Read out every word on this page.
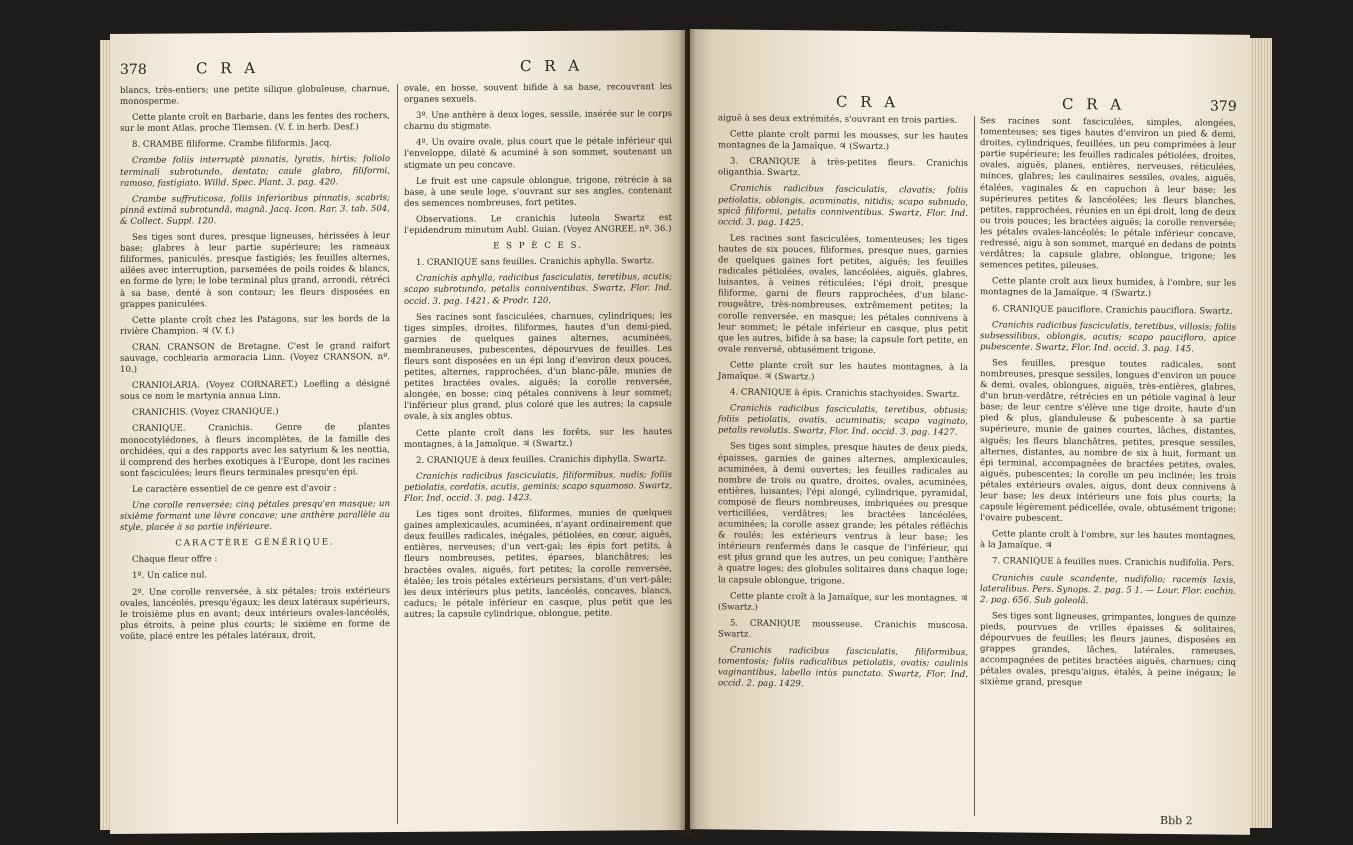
378	C R A	C R A

blancs, très-entiers; une petite silique globuleuse, charnue, monosperme.

Cette plante croît en Barbarie, dans les fentes des rochers, sur le mont Atlas, proche Tlemsen. (V. f. in herb. Desf.)

8. CRAMBE filiforme. Crambe filiformis. Jacq.

Crambe foliis interruptè pinnatis, lyratis, hirtis; foliolo terminali subrotundo, dentato; caule glabro, filiformi, ramoso, fastigiato. Willd. Spec. Plant. 3. pag. 420.

Crambe suffruticosa, foliis inferioribus pinnatis, scabris; pinnâ extimâ subrotundâ, magnâ. Jacq. Icon. Rar. 3. tab. 504, & Collect. Suppl. 120.

Ses tiges sont dures, presque ligneuses, hérissées à leur base; glabres à leur partie supérieure; les rameaux filiformes, paniculés, presque fastigiés; les feuilles alternes, ailées avec interruption, parsemées de poils roides & blancs, en forme de lyre; le lobe terminal plus grand, arrondi, rétréci à sa base, denté à son contour; les fleurs disposées en grappes paniculées.

Cette plante croît chez les Patagons, sur les bords de la rivière Champion. ♃ (V. f.)

CRAN. CRANSON de Bretagne. C'est le grand raifort sauvage, cochlearia armoracia Linn. (Voyez CRANSON, nº. 10.)

CRANIOLARIA. (Voyez CORNARET.) Loefling a désigné sous ce nom le martynia annua Linn.

CRANICHIS. (Voyez CRANIQUE.)

CRANIQUE. Cranichis. Genre de plantes monocotylédones, à fleurs incomplètes, de la famille des orchidées, qui a des rapports avec les satyrium & les neottia, il comprend des herbes exotiques à l'Europe, dont les racines sont fasciculées; leurs fleurs terminales presqu'en épi.

Le caractère essentiel de ce genre est d'avoir :

Une corolle renversée; cinq pétales presqu'en masque; un sixième formant une lèvre concave; une anthère parallèle au style, placée à sa partie inférieure.

CARACTÈRE GÉNÉRIQUE.

Chaque fleur offre :

1º. Un calice nul.

2º. Une corolle renversée, à six pétales; trois extérieurs ovales, lancéolés, presqu'égaux; les deux latéraux supérieurs, le troisième plus en avant; deux intérieurs ovales-lancéolés, plus étroits, à peine plus courts; le sixième en forme de voûte, placé entre les pétales latéraux, droit,

ovale, en bosse, souvent bifide à sa base, recouvrant les organes sexuels.

3º. Une anthère à deux loges, sessile, insérée sur le corps charnu du stigmate.

4º. Un ovaire ovale, plus court que le pétale inférieur qui l'enveloppe, dilaté & acuminé à son sommet, soutenant un stigmate un peu concave.

Le fruit est une capsule oblongue, trigone, rétrécie à sa base, à une seule loge, s'ouvrant sur ses angles, contenant des semences nombreuses, fort petites.

Observations. Le cranichis luteola Swartz est l'epidendrum minutum Aubl. Guian. (Voyez ANGREE, nº. 36.)

E S P È C E S.

1. CRANIQUE sans feuilles. Cranichis aphylla. Swartz.

Cranichis aphylla, radicibus fasciculatis, teretibus, acutis; scapo subrotundo, petalis conniventibus. Swartz, Flor. Ind. occid. 3. pag. 1421, & Prodr. 120.

Ses racines sont fasciculées, charnues, cylindriques; les tiges simples, droites, filiformes, hautes d'un demi-pied, garnies de quelques gaines alternes, acuminées, membraneuses, pubescentes, dépourvues de feuilles. Les fleurs sont disposées en un épi long d'environ deux pouces, petites, alternes, rapprochées, d'un blanc-pâle, munies de petites bractées ovales, aiguës; la corolle renversée, alongée, en bosse; cinq pétales connivens à leur sommet; l'inférieur plus grand, plus coloré que les autres; la capsule ovale, à six angles obtus.

Cette plante croît dans les forêts, sur les hautes montagnes, à la Jamaïque. ♃ (Swartz.)

2. CRANIQUE à deux feuilles. Cranichis diphylla. Swartz.

Cranichis radicibus fasciculatis, filiformibus, nudis; foliis petiolatis, cordatis, acutis, geminis; scapo squamoso. Swartz, Flor. Ind. occid. 3. pag. 1423.

Les tiges sont droites, filiformes, munies de quelques gaines amplexicaules, acuminées, n'ayant ordinairement que deux feuilles radicales, inégales, pétiolées, en cœur, aiguës, entières, nerveuses; d'un vert-gai; les épis fort petits, à fleurs nombreuses, petites, éparses, blanchâtres; les bractées ovales, aiguës, fort petites; la corolle renversée, étalée; les trois pétales extérieurs persistans, d'un vert-pâle; les deux intérieurs plus petits, lancéolés, concaves, blancs, caducs; le pétale inférieur en casque, plus petit que les autres; la capsule cylindrique, oblongue, petite.

C R A	C R A	379

aiguë à ses deux extrémités, s'ouvrant en trois parties.

Cette plante croît parmi les mousses, sur les hautes montagnes de la Jamaïque. ♃ (Swartz.)

3. CRANIQUE à très-petites fleurs. Cranichis oliganthia. Swartz.

Cranichis radicibus fasciculatis, clavatis; foliis petiolatis, oblongis, acuminatis, nitidis; scapo subnudo, spicâ filiformi, petalis conniventibus. Swartz, Flor. Ind. occid. 3. pag. 1425.

Les racines sont fasciculées, tomenteuses; les tiges hautes de six pouces, filiformes, presque nues, garnies de quelques gaines fort petites, aiguës; les feuilles radicales pétiolées, ovales, lancéolées, aiguës, glabres, luisantes, à veines réticulées; l'épi droit, presque filiforme, garni de fleurs rapprochées, d'un blanc-rougeâtre, très-nombreuses, extrêmement petites; la corolle renversée, en masque; les pétales connivens à leur sommet; le pétale inférieur en casque, plus petit que les autres, bifide à sa base; la capsule fort petite, en ovale renversé, obtusément trigone.

Cette plante croît sur les hautes montagnes, à la Jamaïque. ♃ (Swartz.)

4. CRANIQUE à épis. Cranichis stachyoides. Swartz.

Cranichis radicibus fasciculatis, teretibus, obtusis; foliis petiolatis, ovatis, acuminatis; scapo vaginato, petalis revolutis. Swartz, Flor. Ind. occid. 3. pag. 1427.

Ses tiges sont simples, presque hautes de deux pieds, épaisses, garnies de gaines alternes, amplexicaules, acuminées, à demi ouvertes; les feuilles radicales au nombre de trois ou quatre, droites, ovales, acuminées, entières, luisantes; l'épi alongé, cylindrique, pyramidal, composé de fleurs nombreuses, imbriquées ou presque verticillées, verdâtres; les bractées lancéolées, acuminées; la corolle assez grande; les pétales réfléchis & roulés; les extérieurs ventrus à leur base; les intérieurs renfermés dans le casque de l'inférieur, qui est plus grand que les autres, un peu conique; l'anthère à quatre loges; des globules solitaires dans chaque loge; la capsule oblongue, trigone.

Cette plante croît à la Jamaïque, sur les montagnes. ♃ (Swartz.)

5. CRANIQUE mousseuse. Cranichis muscosa. Swartz.

Cranichis radicibus fasciculatis, filiformibus, tomentosis; foliis radicalibus petiolatis, ovatis; caulinis vaginantibus, labello intùs punctato. Swartz, Flor. Ind. occid. 2. pag. 1429.

Ses racines sont fasciculées, simples, alongées, tomenteuses; ses tiges hautes d'environ un pied & demi, droites, cylindriques, feuillées, un peu comprimées à leur partie supérieure; les feuilles radicales pétiolées, droites, ovales, aiguës, planes, entières, nerveuses, réticulées, minces, glabres; les caulinaires sessiles, ovales, aiguës, étalées, vaginales & en capuchon à leur base; les supérieures petites & lancéolées; les fleurs blanches, petites, rapprochées, réunies en un épi droit, long de deux ou trois pouces; les bractées aiguës; la corolle renversée; les pétales ovales-lancéolés; le pétale inférieur concave, redressé, aigu à son sommet, marqué en dedans de points verdâtres; la capsule glabre, oblongue, trigone; les semences petites, pileuses.

Cette plante croît aux lieux humides, à l'ombre, sur les montagnes de la Jamaïque. ♃ (Swartz.)

6. CRANIQUE pauciflore. Cranichis pauciflora. Swartz.

Cranichis radicibus fasciculatis, teretibus, villosis; foliis subsessilibus, oblongis, acutis; scapo paucifloro, apice pubescente. Swartz, Flor. Ind. occid. 3. pag. 145.

Ses feuilles, presque toutes radicales, sont nombreuses, presque sessiles, longues d'environ un pouce & demi, ovales, oblongues, aiguës, très-entières, glabres, d'un brun-verdâtre, rétrécies en un pétiole vaginal à leur base; de leur centre s'élève une tige droite, haute d'un pied & plus, glanduleuse & pubescente à sa partie supérieure, munie de gaines courtes, lâches, distantes, aiguës; les fleurs blanchâtres, petites, presque sessiles, alternes, distantes, au nombre de six à huit, formant un épi terminal, accompagnées de bractées petites, ovales, aiguës, pubescentes; la corolle un peu inclinée; les trois pétales extérieurs ovales, aigus, dont deux connivens à leur base; les deux intérieurs une fois plus courts; la capsule légèrement pédicellée, ovale, obtusément trigone; l'ovaire pubescent.

Cette plante croît à l'ombre, sur les hautes montagnes, à la Jamaïque. ♃

7. CRANIQUE à feuilles nues. Cranichis nudifolia. Pers.

Cranichis caule scandente, nudifolio; racemis laxis, lateralibus. Pers. Synops. 2. pag. 5 1. — Lour. Flor. cochin. 2. pag. 656. Sub goleolâ.

Ses tiges sont ligneuses, grimpantes, longues de quinze pieds, pourvues de vrilles épaisses & solitaires, dépourvues de feuilles; les fleurs jaunes, disposées en grappes grandes, lâches, latérales, rameuses, accompagnées de petites bractées aiguës, charnues; cinq pétales ovales, presqu'aigus, étalés, à peine inégaux; le sixième grand, presque

Bbb 2
